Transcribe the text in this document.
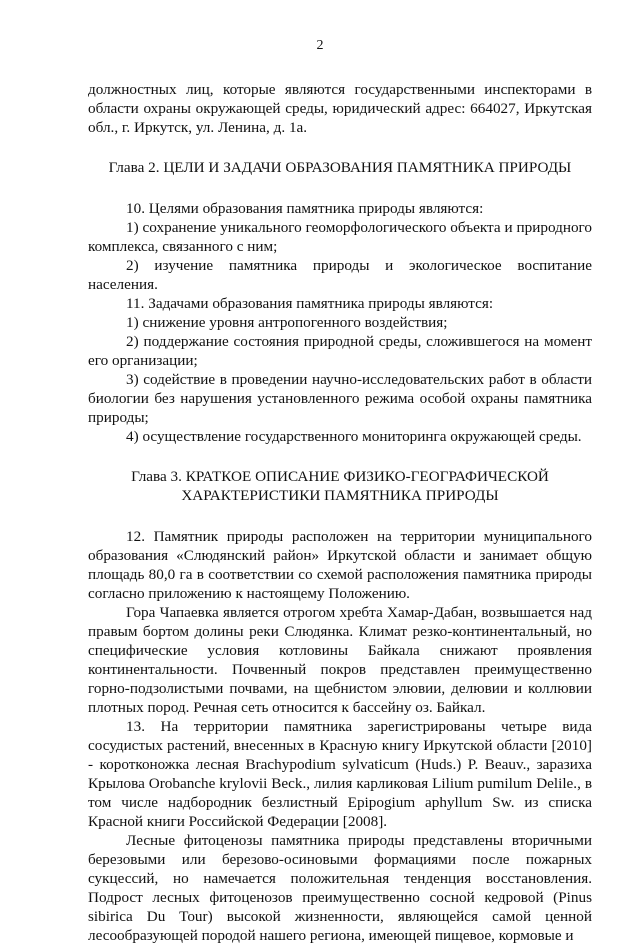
2

должностных лиц, которые являются государственными инспекторами в области охраны окружающей среды, юридический адрес: 664027, Иркутская обл., г. Иркутск, ул. Ленина, д. 1а.

Глава 2. ЦЕЛИ И ЗАДАЧИ ОБРАЗОВАНИЯ ПАМЯТНИКА ПРИРОДЫ

10. Целями образования памятника природы являются:

1) сохранение уникального геоморфологического объекта и природного комплекса, связанного с ним;

2) изучение памятника природы и экологическое воспитание населения.

11. Задачами образования памятника природы являются:

1) снижение уровня антропогенного воздействия;

2) поддержание состояния природной среды, сложившегося на момент его организации;

3) содействие в проведении научно-исследовательских работ в области биологии без нарушения установленного режима особой охраны памятника природы;

4) осуществление государственного мониторинга окружающей среды.

Глава 3. КРАТКОЕ ОПИСАНИЕ ФИЗИКО-ГЕОГРАФИЧЕСКОЙ
ХАРАКТЕРИСТИКИ ПАМЯТНИКА ПРИРОДЫ

12. Памятник природы расположен на территории муниципального образования «Слюдянский район» Иркутской области и занимает общую площадь 80,0 га в соответствии со схемой расположения памятника природы согласно приложению к настоящему Положению.

Гора Чапаевка является отрогом хребта Хамар-Дабан, возвышается над правым бортом долины реки Слюдянка. Климат резко-континентальный, но специфические условия котловины Байкала снижают проявления континентальности. Почвенный покров представлен преимущественно горно-подзолистыми почвами, на щебнистом элювии, делювии и коллювии плотных пород. Речная сеть относится к бассейну оз. Байкал.

13. На территории памятника зарегистрированы четыре вида сосудистых растений, внесенных в Красную книгу Иркутской области [2010] - коротконожка лесная Brachypodium sylvaticum (Huds.) P. Beauv., заразиха Крылова Orobanche krylovii Beck., лилия карликовая Lilium pumilum Delile., в том числе надбородник безлистный Epipogium aphyllum Sw. из списка Красной книги Российской Федерации [2008].

Лесные фитоценозы памятника природы представлены вторичными березовыми или березово-осиновыми формациями после пожарных сукцессий, но намечается положительная тенденция восстановления. Подрост лесных фитоценозов преимущественно сосной кедровой (Pinus sibirica Du Tour) высокой жизненности, являющейся самой ценной лесообразующей породой нашего региона, имеющей пищевое, кормовые и
